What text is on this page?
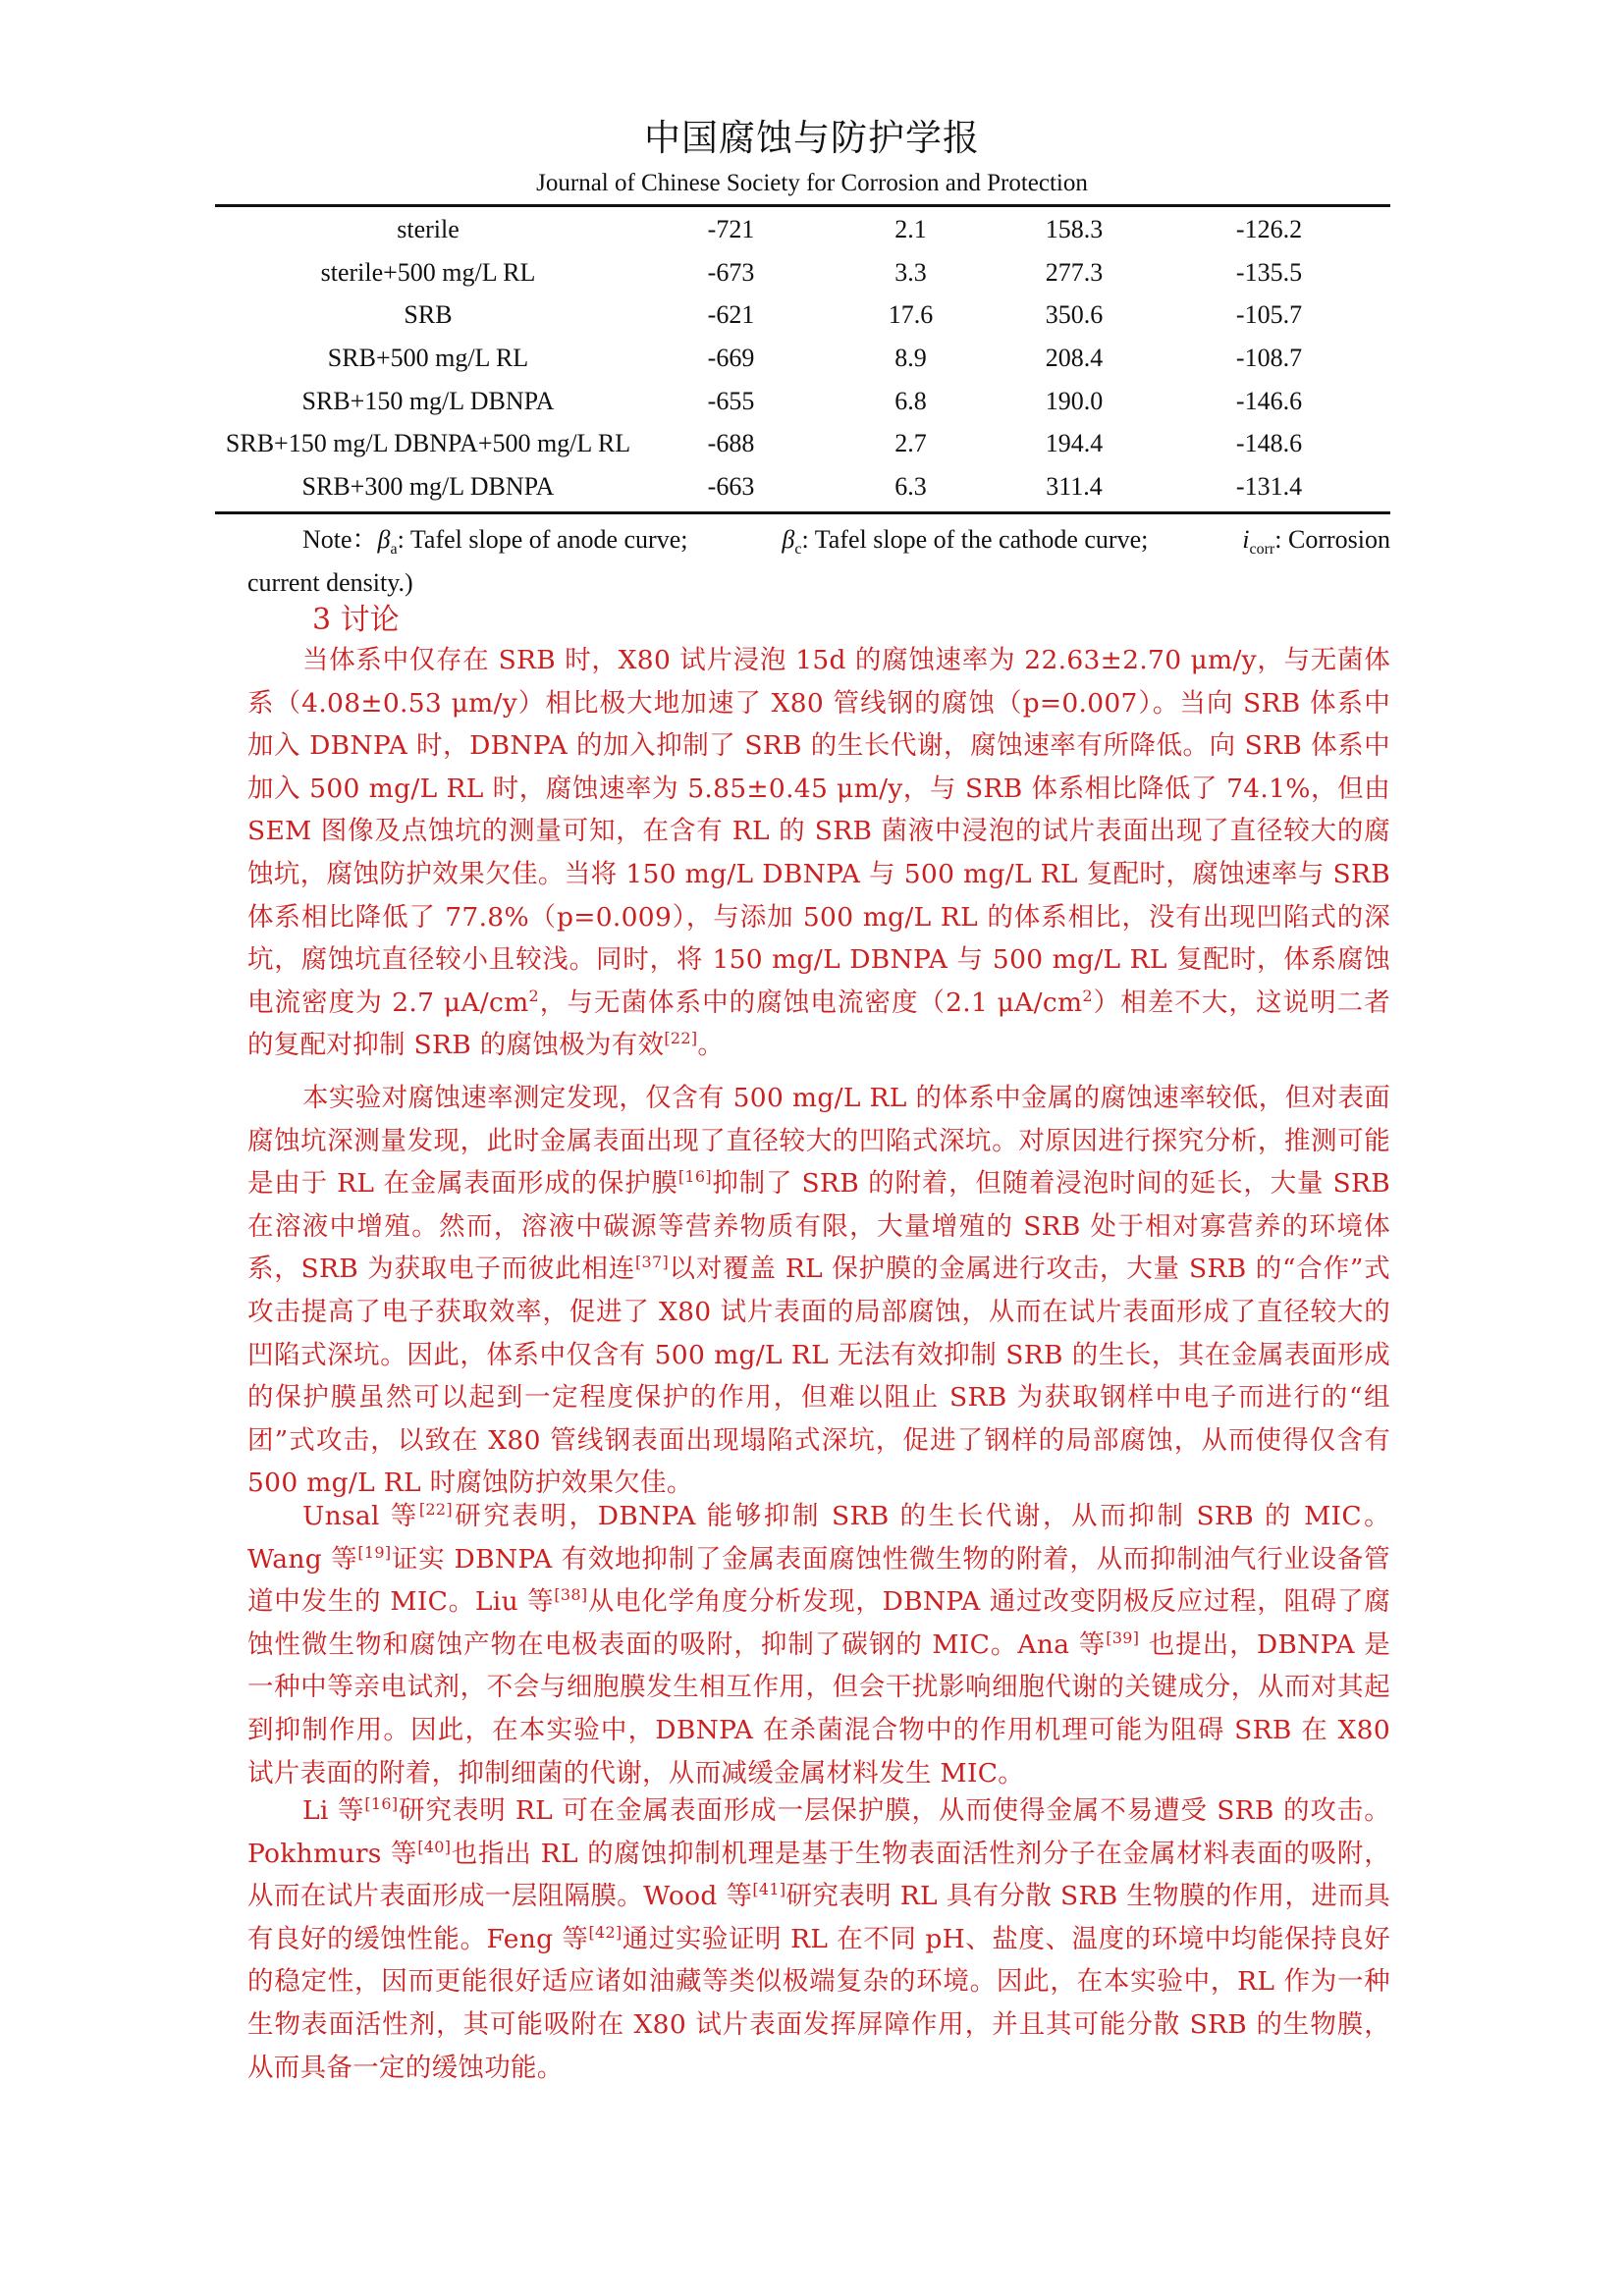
中国腐蚀与防护学报
Journal of Chinese Society for Corrosion and Protection
sterile	-721	2.1	158.3	-126.2
sterile+500 mg/L RL	-673	3.3	277.3	-135.5
SRB	-621	17.6	350.6	-105.7
SRB+500 mg/L RL	-669	8.9	208.4	-108.7
SRB+150 mg/L DBNPA	-655	6.8	190.0	-146.6
SRB+150 mg/L DBNPA+500 mg/L RL	-688	2.7	194.4	-148.6
SRB+300 mg/L DBNPA	-663	6.3	311.4	-131.4
Note：$\beta_a$: Tafel slope of anode curve;	$\beta_c$: Tafel slope of the cathode curve;	$i_{corr}$: Corrosion
current density.)
3 讨论

当体系中仅存在 SRB 时，X80 试片浸泡 15d 的腐蚀速率为 22.63±2.70 μm/y，与无菌体系（4.08±0.53 μm/y）相比极大地加速了 X80 管线钢的腐蚀（p=0.007）。当向 SRB 体系中加入 DBNPA 时，DBNPA 的加入抑制了 SRB 的生长代谢，腐蚀速率有所降低。向 SRB 体系中加入 500 mg/L RL 时，腐蚀速率为 5.85±0.45 μm/y，与 SRB 体系相比降低了 74.1%，但由 SEM 图像及点蚀坑的测量可知，在含有 RL 的 SRB 菌液中浸泡的试片表面出现了直径较大的腐蚀坑，腐蚀防护效果欠佳。当将 150 mg/L DBNPA 与 500 mg/L RL 复配时，腐蚀速率与 SRB 体系相比降低了 77.8%（p=0.009），与添加 500 mg/L RL 的体系相比，没有出现凹陷式的深坑，腐蚀坑直径较小且较浅。同时，将 150 mg/L DBNPA 与 500 mg/L RL 复配时，体系腐蚀电流密度为 2.7 $\mu A/cm^2$，与无菌体系中的腐蚀电流密度（2.1 $\mu A/cm^2$）相差不大，这说明二者的复配对抑制 SRB 的腐蚀极为有效[22]。

本实验对腐蚀速率测定发现，仅含有 500 mg/L RL 的体系中金属的腐蚀速率较低，但对表面腐蚀坑深测量发现，此时金属表面出现了直径较大的凹陷式深坑。对原因进行探究分析，推测可能是由于 RL 在金属表面形成的保护膜[16]抑制了 SRB 的附着，但随着浸泡时间的延长，大量 SRB 在溶液中增殖。然而，溶液中碳源等营养物质有限，大量增殖的 SRB 处于相对寡营养的环境体系，SRB 为获取电子而彼此相连[37]以对覆盖 RL 保护膜的金属进行攻击，大量 SRB 的“合作”式攻击提高了电子获取效率，促进了 X80 试片表面的局部腐蚀，从而在试片表面形成了直径较大的凹陷式深坑。因此，体系中仅含有 500 mg/L RL 无法有效抑制 SRB 的生长，其在金属表面形成的保护膜虽然可以起到一定程度保护的作用，但难以阻止 SRB 为获取钢样中电子而进行的“组团”式攻击，以致在 X80 管线钢表面出现塌陷式深坑，促进了钢样的局部腐蚀，从而使得仅含有 500 mg/L RL 时腐蚀防护效果欠佳。

Unsal 等[22]研究表明，DBNPA 能够抑制 SRB 的生长代谢，从而抑制 SRB 的 MIC。Wang 等[19]证实 DBNPA 有效地抑制了金属表面腐蚀性微生物的附着，从而抑制油气行业设备管道中发生的 MIC。Liu 等[38]从电化学角度分析发现，DBNPA 通过改变阴极反应过程，阻碍了腐蚀性微生物和腐蚀产物在电极表面的吸附，抑制了碳钢的 MIC。Ana 等[39] 也提出，DBNPA 是一种中等亲电试剂，不会与细胞膜发生相互作用，但会干扰影响细胞代谢的关键成分，从而对其起到抑制作用。因此，在本实验中，DBNPA 在杀菌混合物中的作用机理可能为阻碍 SRB 在 X80 试片表面的附着，抑制细菌的代谢，从而减缓金属材料发生 MIC。

Li 等[16]研究表明 RL 可在金属表面形成一层保护膜，从而使得金属不易遭受 SRB 的攻击。Pokhmurs 等[40]也指出 RL 的腐蚀抑制机理是基于生物表面活性剂分子在金属材料表面的吸附，从而在试片表面形成一层阻隔膜。Wood 等[41]研究表明 RL 具有分散 SRB 生物膜的作用，进而具有良好的缓蚀性能。Feng 等[42]通过实验证明 RL 在不同 pH、盐度、温度的环境中均能保持良好的稳定性，因而更能很好适应诸如油藏等类似极端复杂的环境。因此，在本实验中，RL 作为一种生物表面活性剂，其可能吸附在 X80 试片表面发挥屏障作用，并且其可能分散 SRB 的生物膜，从而具备一定的缓蚀功能。
